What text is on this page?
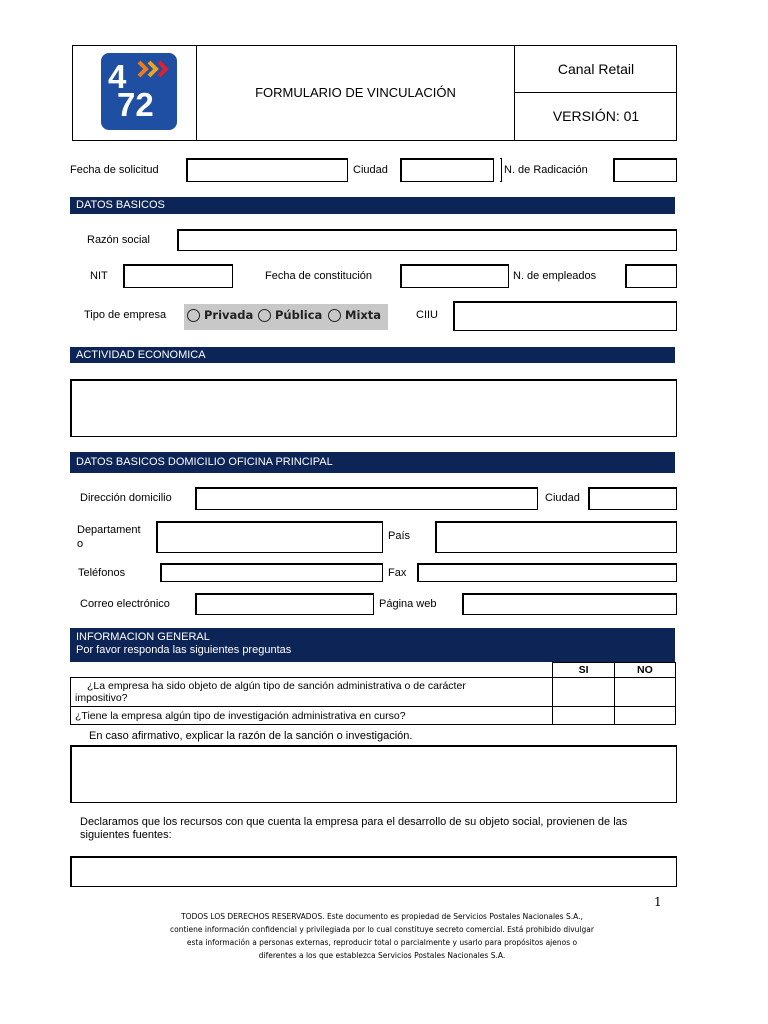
4
72	FORMULARIO DE VINCULACIÓN
Canal Retail
VERSIÓN: 01
Fecha de solicitud	Ciudad	N. de Radicación
DATOS BASICOS
Razón social
NIT	Fecha de constitución	N. de empleados
Tipo de empresa	Privada Pública Mixta	CIIU
ACTIVIDAD ECONOMICA
DATOS BASICOS DOMICILIO OFICINA PRINCIPAL
Dirección domicilio	Ciudad
Departament
o
País
Teléfonos	Fax
Correo electrónico	Página web
INFORMACION GENERAL
Por favor responda las siguientes preguntas
	SI	NO

¿La empresa ha sido objeto de algún tipo de sanción administrativa o de carácter
impositivo?		

¿Tiene la empresa algún tipo de investigación administrativa en curso?		
En caso afirmativo, explicar la razón de la sanción o investigación.
Declaramos que los recursos con que cuenta la empresa para el desarrollo de su objeto social, provienen de las
siguientes fuentes:
1
TODOS LOS DERECHOS RESERVADOS. Este documento es propiedad de Servicios Postales Nacionales S.A.,
contiene información confidencial y privilegiada por lo cual constituye secreto comercial. Está prohibido divulgar
esta información a personas externas, reproducir total o parcialmente y usarlo para propósitos ajenos o
diferentes a los que establezca Servicios Postales Nacionales S.A.
